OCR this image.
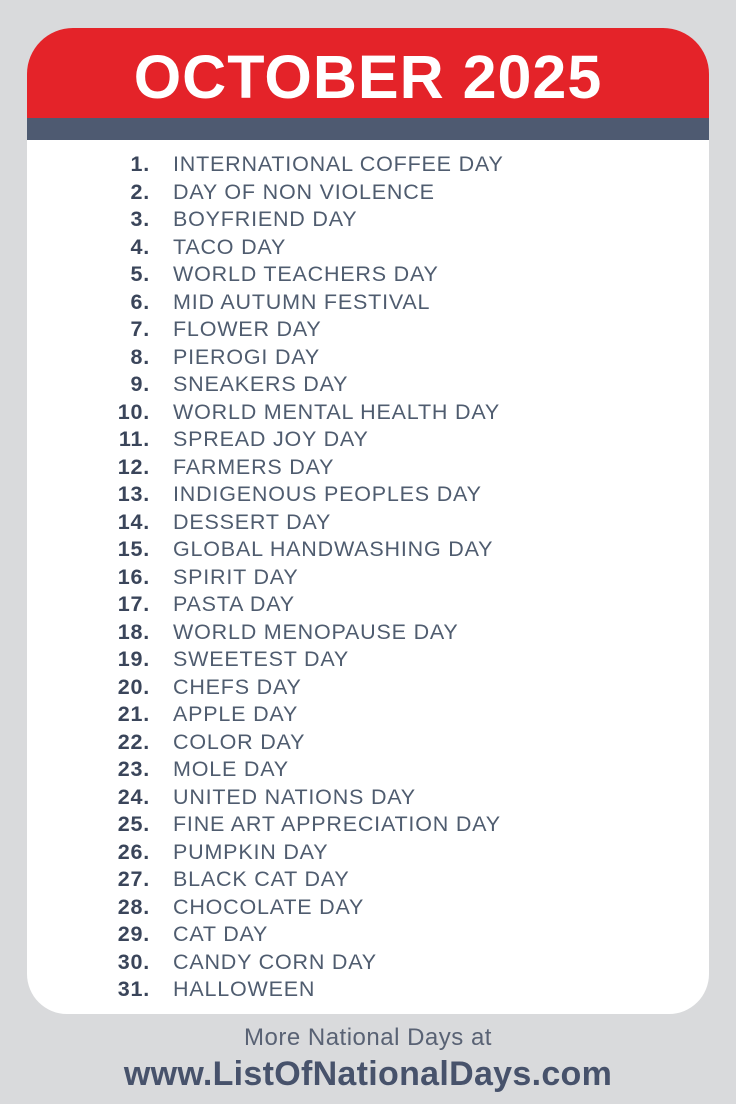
OCTOBER 2025
1. INTERNATIONAL COFFEE DAY
2. DAY OF NON VIOLENCE
3. BOYFRIEND DAY
4. TACO DAY
5. WORLD TEACHERS DAY
6. MID AUTUMN FESTIVAL
7. FLOWER DAY
8. PIEROGI DAY
9. SNEAKERS DAY
10. WORLD MENTAL HEALTH DAY
11. SPREAD JOY DAY
12. FARMERS DAY
13. INDIGENOUS PEOPLES DAY
14. DESSERT DAY
15. GLOBAL HANDWASHING DAY
16. SPIRIT DAY
17. PASTA DAY
18. WORLD MENOPAUSE DAY
19. SWEETEST DAY
20. CHEFS DAY
21. APPLE DAY
22. COLOR DAY
23. MOLE DAY
24. UNITED NATIONS DAY
25. FINE ART APPRECIATION DAY
26. PUMPKIN DAY
27. BLACK CAT DAY
28. CHOCOLATE DAY
29. CAT DAY
30. CANDY CORN DAY
31. HALLOWEEN
More National Days at
www.ListOfNationalDays.com
